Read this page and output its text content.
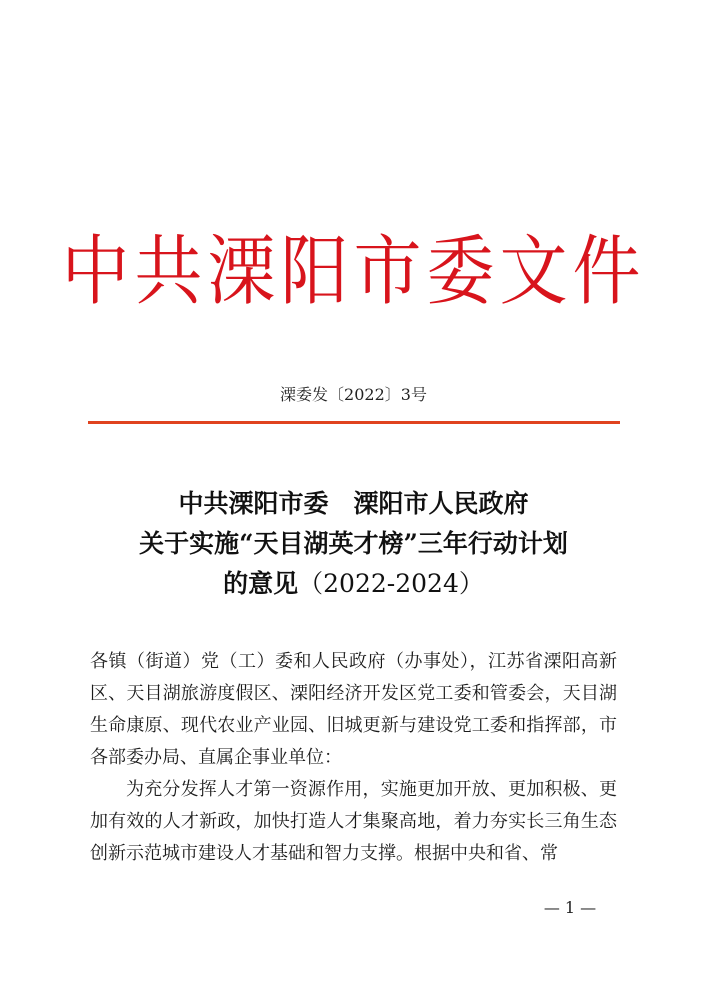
中共溧阳市委文件
溧委发〔2022〕3号
中共溧阳市委　溧阳市人民政府
关于实施“天目湖英才榜”三年行动计划
的意见（2022-2024）
各镇（街道）党（工）委和人民政府（办事处），江苏省溧阳高新区、天目湖旅游度假区、溧阳经济开发区党工委和管委会，天目湖生命康原、现代农业产业园、旧城更新与建设党工委和指挥部，市各部委办局、直属企事业单位：
为充分发挥人才第一资源作用，实施更加开放、更加积极、更加有效的人才新政，加快打造人才集聚高地，着力夯实长三角生态创新示范城市建设人才基础和智力支撑。根据中央和省、常
— 1 —
